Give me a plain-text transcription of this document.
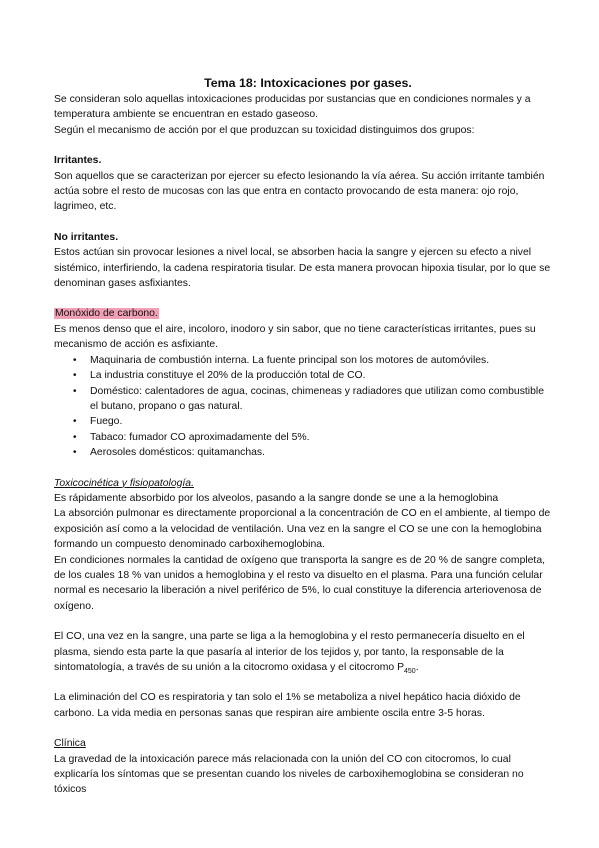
Tema 18: Intoxicaciones por gases.

Se consideran solo aquellas intoxicaciones producidas por sustancias que en condiciones normales y a temperatura ambiente se encuentran en estado gaseoso.

Según el mecanismo de acción por el que produzcan su toxicidad distinguimos dos grupos:

Irritantes.

Son aquellos que se caracterizan por ejercer su efecto lesionando la vía aérea. Su acción irritante también actúa sobre el resto de mucosas con las que entra en contacto provocando de esta manera: ojo rojo, lagrimeo, etc.

No irritantes.

Estos actúan sin provocar lesiones a nivel local, se absorben hacia la sangre y ejercen su efecto a nivel sistémico, interfiriendo, la cadena respiratoria tisular. De esta manera provocan hipoxia tisular, por lo que se denominan gases asfixiantes.

Monóxido de carbono.

Es menos denso que el aire, incoloro, inodoro y sin sabor, que no tiene características irritantes, pues su mecanismo de acción es asfixiante.

• Maquinaria de combustión interna. La fuente principal son los motores de automóviles.
• La industria constituye el 20% de la producción total de CO.
• Doméstico: calentadores de agua, cocinas, chimeneas y radiadores que utilizan como combustible el butano, propano o gas natural.
• Fuego.
• Tabaco: fumador CO aproximadamente del 5%.
• Aerosoles domésticos: quitamanchas.

Toxicocinética y fisiopatología.

Es rápidamente absorbido por los alveolos, pasando a la sangre donde se une a la hemoglobina

La absorción pulmonar es directamente proporcional a la concentración de CO en el ambiente, al tiempo de exposición así como a la velocidad de ventilación. Una vez en la sangre el CO se une con la hemoglobina formando un compuesto denominado carboxihemoglobina.

En condiciones normales la cantidad de oxígeno que transporta la sangre es de 20 % de sangre completa, de los cuales 18 % van unidos a hemoglobina y el resto va disuelto en el plasma. Para una función celular normal es necesario la liberación a nivel periférico de 5%, lo cual constituye la diferencia arteriovenosa de oxígeno.

El CO, una vez en la sangre, una parte se liga a la hemoglobina y el resto permanecería disuelto en el plasma, siendo esta parte la que pasaría al interior de los tejidos y, por tanto, la responsable de la sintomatología, a través de su unión a la citocromo oxidasa y el citocromo $P_{450}$.

La eliminación del CO es respiratoria y tan solo el 1% se metaboliza a nivel hepático hacia dióxido de carbono. La vida media en personas sanas que respiran aire ambiente oscila entre 3-5 horas.

Clínica

La gravedad de la intoxicación parece más relacionada con la unión del CO con citocromos, lo cual explicaría los síntomas que se presentan cuando los niveles de carboxihemoglobina se consideran no tóxicos
